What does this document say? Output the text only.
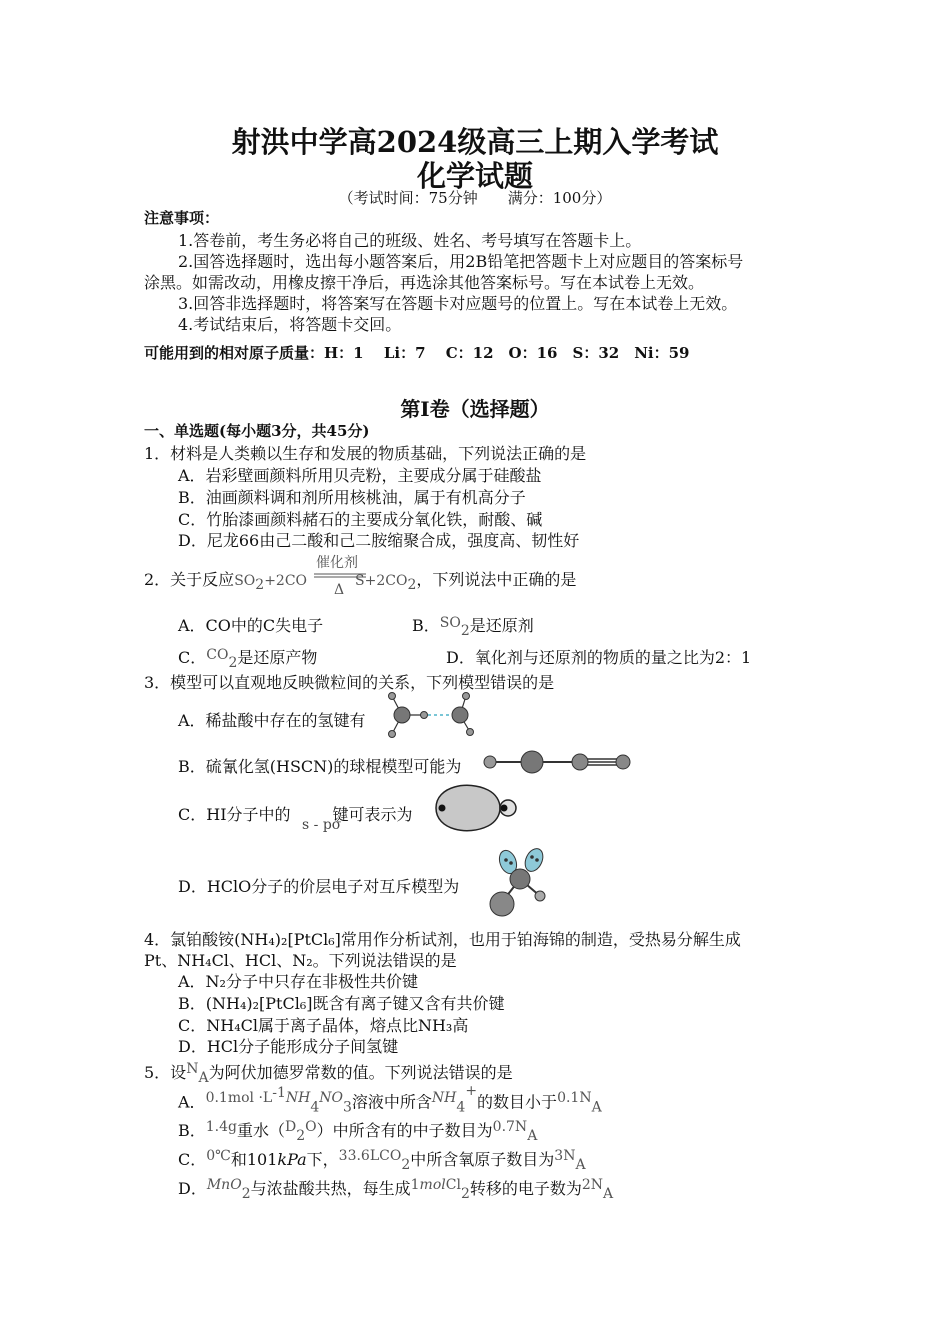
射洪中学高2024级高三上期入学考试
化学试题
（考试时间：75分钟　　满分：100分）
注意事项：
1.答卷前，考生务必将自己的班级、姓名、考号填写在答题卡上。
2.国答选择题时，选出每小题答案后，用2B铅笔把答题卡上对应题目的答案标号
涂黑。如需改动，用橡皮擦干净后，再选涂其他答案标号。写在本试卷上无效。
3.回答非选择题时，将答案写在答题卡对应题号的位置上。写在本试卷上无效。
4.考试结束后，将答题卡交回。
可能用到的相对原子质量：H：1　 Li：7　 C：12　O：16　S：32　Ni：59
第I卷（选择题）
一、单选题(每小题3分，共45分)
1．材料是人类赖以生存和发展的物质基础，下列说法正确的是
A．岩彩壁画颜料所用贝壳粉，主要成分属于硅酸盐
B．油画颜料调和剂所用核桃油，属于有机高分子
C．竹胎漆画颜料赭石的主要成分氧化铁，耐酸、碱
D．尼龙66由己二酸和己二胺缩聚合成，强度高、韧性好
2．关于反应$SO_2+2CO$	$S+2CO_2$，下列说法中正确的是
催化剂
Δ
A．CO中的C失电子	B．$SO_2$是还原剂
C．$CO_2$是还原产物	D．氧化剂与还原剂的物质的量之比为2：1
3．模型可以直观地反映微粒间的关系，下列模型错误的是
A．稀盐酸中存在的氢键有
B．硫氰化氢(HSCN)的球棍模型可能为
C．HI分子中的	键可表示为
s - pσ
D．HClO分子的价层电子对互斥模型为
4．氯铂酸铵(NH₄)₂[PtCl₆]常用作分析试剂，也用于铂海锦的制造，受热易分解生成
Pt、NH₄Cl、HCl、N₂。下列说法错误的是
A．N₂分子中只存在非极性共价键
B．(NH₄)₂[PtCl₆]既含有离子键又含有共价键
C．NH₄Cl属于离子晶体，熔点比NH₃高
D．HCl分子能形成分子间氢键
5．设$N_A$为阿伏加德罗常数的值。下列说法错误的是
A．$0.1mol \cdot L^{-1}NH_4NO_3$溶液中所含$NH_4^+$的数目小于$0.1N_A$
B．1.4g重水$(D_2O)$中所含有的中子数目为$0.7N_A$
C．0℃和101kPa下，$33.6LCO_2$中所含氧原子数目为$3N_A$
D．MnO$_2$与浓盐酸共热，每生成1molCl$_2$转移的电子数为$2N_A$
